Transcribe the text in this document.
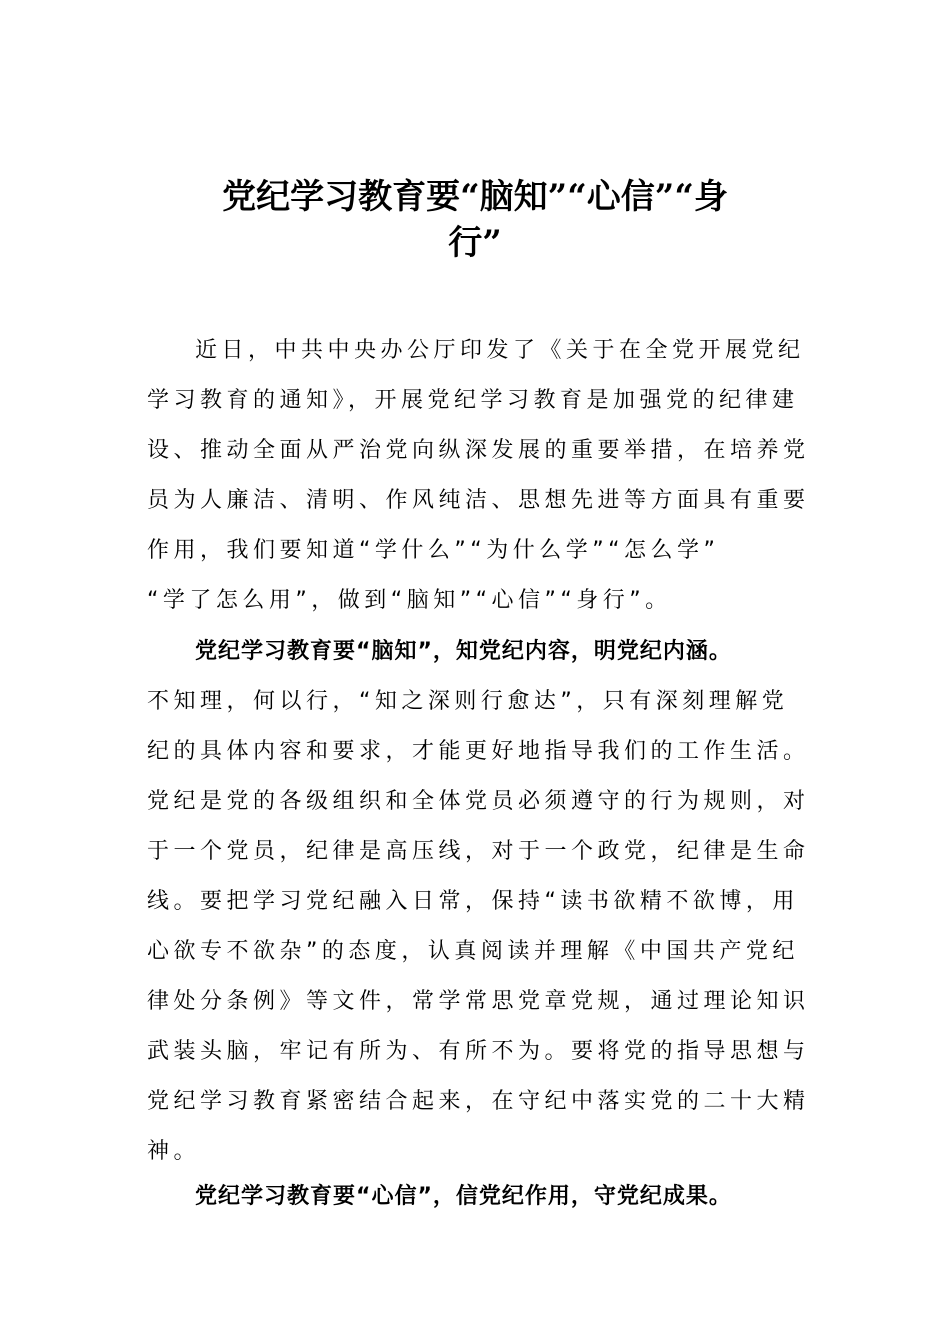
党纪学习教育要“脑知”“心信”“身
行”
近日，中共中央办公厅印发了《关于在全党开展党纪
学习教育的通知》，开展党纪学习教育是加强党的纪律建
设、推动全面从严治党向纵深发展的重要举措，在培养党
员为人廉洁、清明、作风纯洁、思想先进等方面具有重要
作用，我们要知道“学什么”“为什么学”“怎么学”
“学了怎么用”，做到“脑知”“心信”“身行”。
党纪学习教育要“脑知”，知党纪内容，明党纪内涵。
不知理，何以行，“知之深则行愈达”，只有深刻理解党
纪的具体内容和要求，才能更好地指导我们的工作生活。
党纪是党的各级组织和全体党员必须遵守的行为规则，对
于一个党员，纪律是高压线，对于一个政党，纪律是生命
线。要把学习党纪融入日常，保持“读书欲精不欲博，用
心欲专不欲杂”的态度，认真阅读并理解《中国共产党纪
律处分条例》等文件，常学常思党章党规，通过理论知识
武装头脑，牢记有所为、有所不为。要将党的指导思想与
党纪学习教育紧密结合起来，在守纪中落实党的二十大精
神。
党纪学习教育要“心信”，信党纪作用，守党纪成果。
